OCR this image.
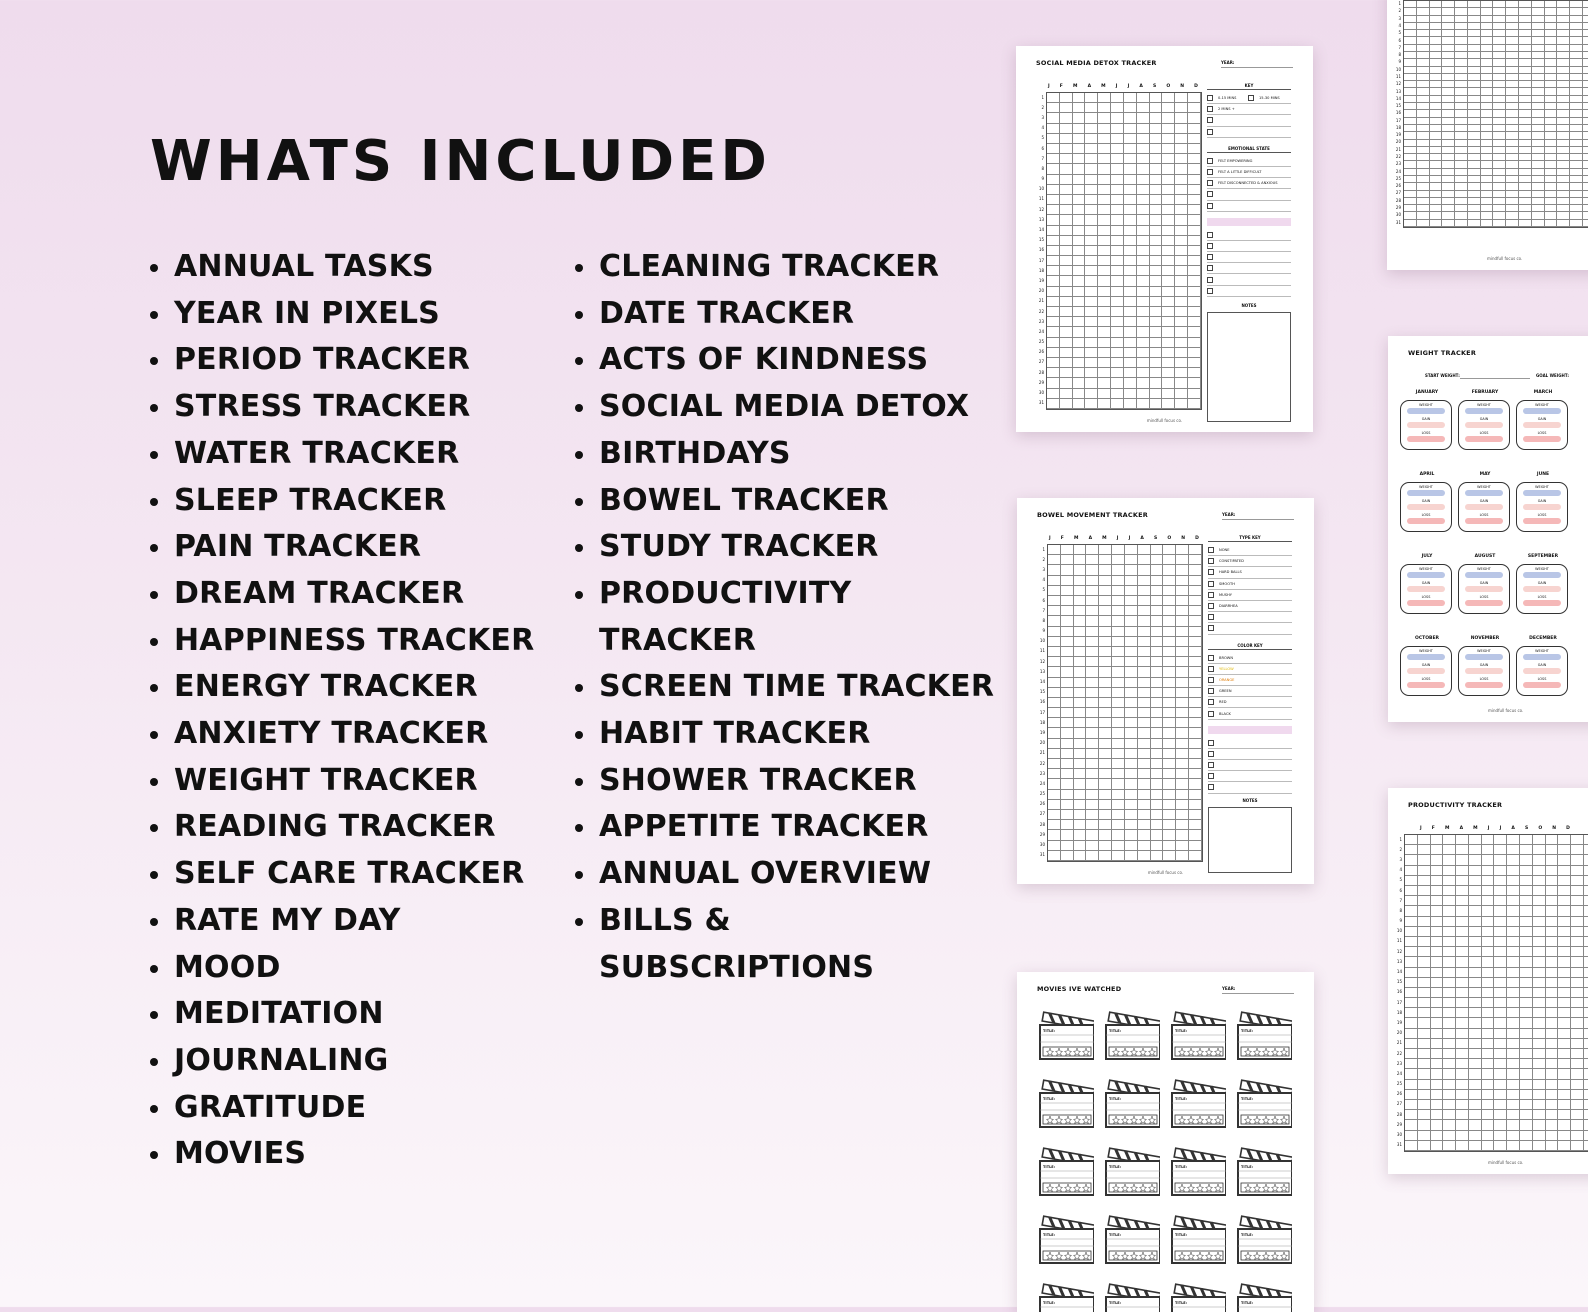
WHATS INCLUDED
ANNUAL TASKS
YEAR IN PIXELS
PERIOD TRACKER
STRESS TRACKER
WATER TRACKER
SLEEP TRACKER
PAIN TRACKER
DREAM TRACKER
HAPPINESS TRACKER
ENERGY TRACKER
ANXIETY TRACKER
WEIGHT TRACKER
READING TRACKER
SELF CARE TRACKER
RATE MY DAY
MOOD
MEDITATION
JOURNALING
GRATITUDE
MOVIES
CLEANING TRACKER
DATE TRACKER
ACTS OF KINDNESS
SOCIAL MEDIA DETOX
BIRTHDAYS
BOWEL TRACKER
STUDY TRACKER
PRODUCTIVITY
TRACKER
SCREEN TIME TRACKER
HABIT TRACKER
SHOWER TRACKER
APPETITE TRACKER
ANNUAL OVERVIEW
BILLS &
SUBSCRIPTIONS
SOCIAL MEDIA DETOX TRACKER	YEAR:
J F M A M J J A S O N D
1
2
3
4
5
6
7
8
9
10
11
12
13
14
15
16
17
18
19
20
21
22
23
24
25
26
27
28
29
30
31
KEY
0-15 MINS	15-30 MINS
2 MINS +
EMOTIONAL STATE
FELT EMPOWERING
FELT A LITTLE DIFFICULT
FELT DISCONNECTED & ANXIOUS
NOTES
mindfull focus co.
BOWEL MOVEMENT TRACKER	YEAR:
J F M A M J J A S O N D
1
2
3
4
5
6
7
8
9
10
11
12
13
14
15
16
17
18
19
20
21
22
23
24
25
26
27
28
29
30
31
TYPE KEY
NONE
CONSTIPATED
HARD BALLS
SMOOTH
MUSHY
DIARRHEA
COLOR KEY
BROWN
YELLOW
ORANGE
GREEN
RED
BLACK
NOTES
mindfull focus co.
MOVIES IVE WATCHED	YEAR:
TITLE:	TITLE:	TITLE:	TITLE:
TITLE:	TITLE:	TITLE:	TITLE:
TITLE:	TITLE:	TITLE:	TITLE:
TITLE:	TITLE:	TITLE:	TITLE:
TITLE:	TITLE:	TITLE:	TITLE:
1
2
3
4
5
6
7
8
9
10
11
12
13
14
15
16
17
18
19
20
21
22
23
24
25
26
27
28
29
30
31
mindfull focus co.
WEIGHT TRACKER
START WEIGHT:	GOAL WEIGHT:
JANUARY
WEIGHT
GAIN
LOSS
FEBRUARY
WEIGHT
GAIN
LOSS
MARCH
WEIGHT
GAIN
LOSS
APRIL
WEIGHT
GAIN
LOSS
MAY
WEIGHT
GAIN
LOSS
JUNE
WEIGHT
GAIN
LOSS
JULY
WEIGHT
GAIN
LOSS
AUGUST
WEIGHT
GAIN
LOSS
SEPTEMBER
WEIGHT
GAIN
LOSS
OCTOBER
WEIGHT
GAIN
LOSS
NOVEMBER
WEIGHT
GAIN
LOSS
DECEMBER
WEIGHT
GAIN
LOSS
mindfull focus co.
PRODUCTIVITY TRACKER
J F M A M J J A S O N D
1
2
3
4
5
6
7
8
9
10
11
12
13
14
15
16
17
18
19
20
21
22
23
24
25
26
27
28
29
30
31
mindfull focus co.
